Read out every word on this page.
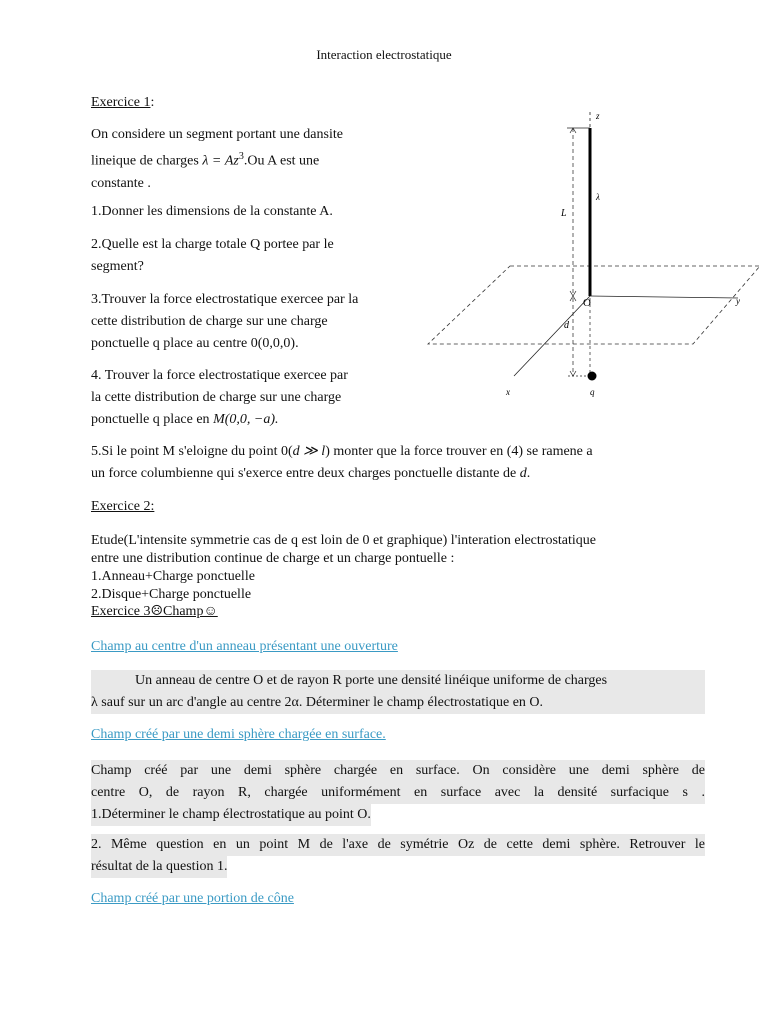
Interaction electrostatique
Exercice 1:

On considere un segment portant une dansite

lineique de charges $\lambda = Az^3.Ou$ A est une

constante .

1.Donner les dimensions de la constante A.

2.Quelle est la charge totale Q portee par le

segment?

3.Trouver la force electrostatique exercee par la

cette distribution de charge sur une charge

ponctuelle q place au centre 0(0,0,0).

4. Trouver la force electrostatique exercee par

la cette distribution de charge sur une charge

ponctuelle q place en M(0,0, −a).

5.Si le point M s'eloigne du point 0(d ≫ l) monter que la force trouver en (4) se ramene a

un force columbienne qui s'exerce entre deux charges ponctuelle distante de d.

z
λ
L
O
d
y
x	q

Exercice 2:

Etude(L'intensite symmetrie cas de q est loin de 0 et graphique) l'interation electrostatique

entre une distribution continue de charge et un charge pontuelle :

1.Anneau+Charge ponctuelle

2.Disque+Charge ponctuelle

Exercice 3☹Champ☺

Champ au centre d'un anneau présentant une ouverture

Un anneau de centre O et de rayon R porte une densité linéique uniforme de charges

λ sauf sur un arc d'angle au centre 2α. Déterminer le champ électrostatique en O.

Champ créé par une demi sphère chargée en surface.

Champ créé par une demi sphère chargée en surface. On considère une demi sphère de

centre O, de rayon R, chargée uniformément en surface avec la densité surfacique s .

1.Déterminer le champ électrostatique au point O.

2. Même question en un point M de l'axe de symétrie Oz de cette demi sphère. Retrouver le

résultat de la question 1.

Champ créé par une portion de cône
